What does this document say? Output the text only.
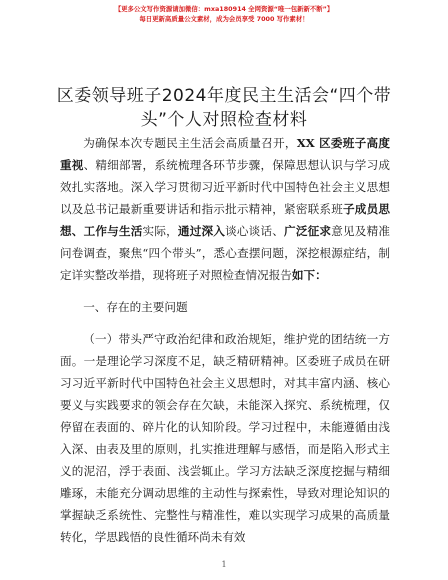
【更多公文写作资源请加微信：mxa180914 全网资源“唯一包新新不断”】
每日更新高质量公文素材，成为会员享受 7000 写作素材！
区委领导班子2024年度民主生活会“四个带
头”个人对照检查材料

为确保本次专题民主生活会高质量召开，XX 区委班子高度重视、精细部署，系统梳理各环节步骤，保障思想认识与学习成效扎实落地。深入学习贯彻习近平新时代中国特色社会主义思想以及总书记最新重要讲话和指示批示精神，紧密联系班子成员思想、工作与生活实际，通过深入谈心谈话、广泛征求意见及精准问卷调查，聚焦“四个带头”，悉心查摆问题，深挖根源症结，制定详实整改举措，现将班子对照检查情况报告如下：

一、存在的主要问题

（一）带头严守政治纪律和政治规矩，维护党的团结统一方面。一是理论学习深度不足，缺乏精研精神。区委班子成员在研习习近平新时代中国特色社会主义思想时，对其丰富内涵、核心要义与实践要求的领会存在欠缺，未能深入探究、系统梳理，仅停留在表面的、碎片化的认知阶段。学习过程中，未能遵循由浅入深、由表及里的原则，扎实推进理解与感悟，而是陷入形式主义的泥沼，浮于表面、浅尝辄止。学习方法缺乏深度挖掘与精细雕琢，未能充分调动思维的主动性与探索性，导致对理论知识的掌握缺乏系统性、完整性与精准性，难以实现学习成果的高质量转化，学思践悟的良性循环尚未有效

1
